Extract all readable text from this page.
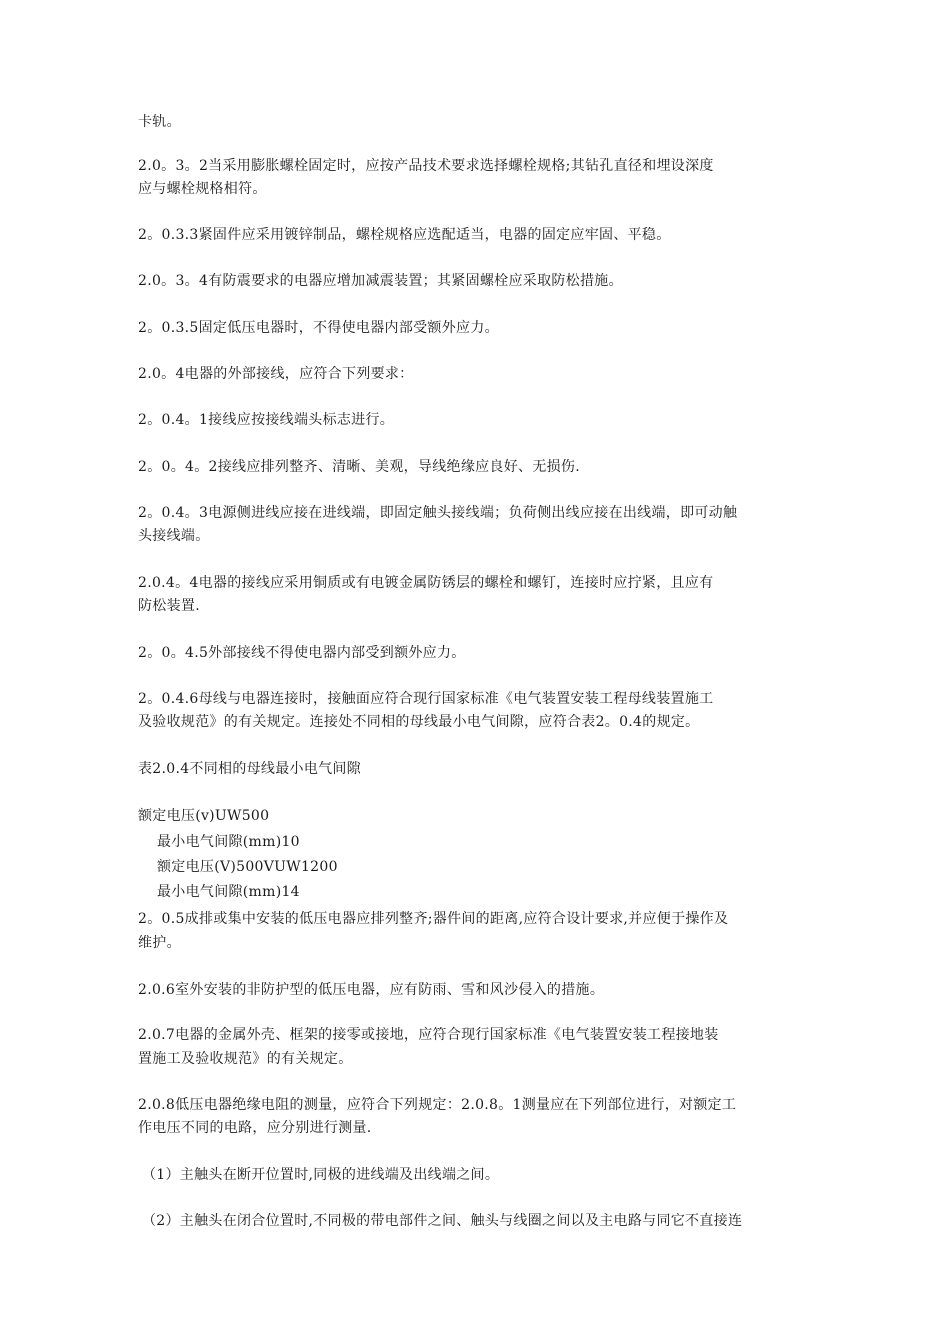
卡轨。
2.0。3。2当采用膨胀螺栓固定时，应按产品技术要求选择螺栓规格;其钻孔直径和埋设深度
应与螺栓规格相符。
2。0.3.3紧固件应采用镀锌制品，螺栓规格应选配适当，电器的固定应牢固、平稳。
2.0。3。4有防震要求的电器应增加减震装置；其紧固螺栓应采取防松措施。
2。0.3.5固定低压电器时，不得使电器内部受额外应力。
2.0。4电器的外部接线，应符合下列要求：
2。0.4。1接线应按接线端头标志进行。
2。0。4。2接线应排列整齐、清晰、美观，导线绝缘应良好、无损伤.
2。0.4。3电源侧进线应接在进线端，即固定触头接线端；负荷侧出线应接在出线端，即可动触
头接线端。
2.0.4。4电器的接线应采用铜质或有电镀金属防锈层的螺栓和螺钉，连接时应拧紧，且应有
防松装置.
2。0。4.5外部接线不得使电器内部受到额外应力。
2。0.4.6母线与电器连接时，接触面应符合现行国家标准《电气装置安装工程母线装置施工
及验收规范》的有关规定。连接处不同相的母线最小电气间隙，应符合表2。0.4的规定。
表2.0.4不同相的母线最小电气间隙
额定电压(v)UW500
最小电气间隙(mm)10
额定电压(V)500VUW1200
最小电气间隙(mm)14
2。0.5成排或集中安装的低压电器应排列整齐;器件间的距离,应符合设计要求,并应便于操作及
维护。
2.0.6室外安装的非防护型的低压电器，应有防雨、雪和风沙侵入的措施。
2.0.7电器的金属外壳、框架的接零或接地，应符合现行国家标准《电气装置安装工程接地装
置施工及验收规范》的有关规定。
2.0.8低压电器绝缘电阻的测量，应符合下列规定：2.0.8。1测量应在下列部位进行，对额定工
作电压不同的电路，应分别进行测量.
（1）主触头在断开位置时,同极的进线端及出线端之间。
（2）主触头在闭合位置时,不同极的带电部件之间、触头与线圈之间以及主电路与同它不直接连
